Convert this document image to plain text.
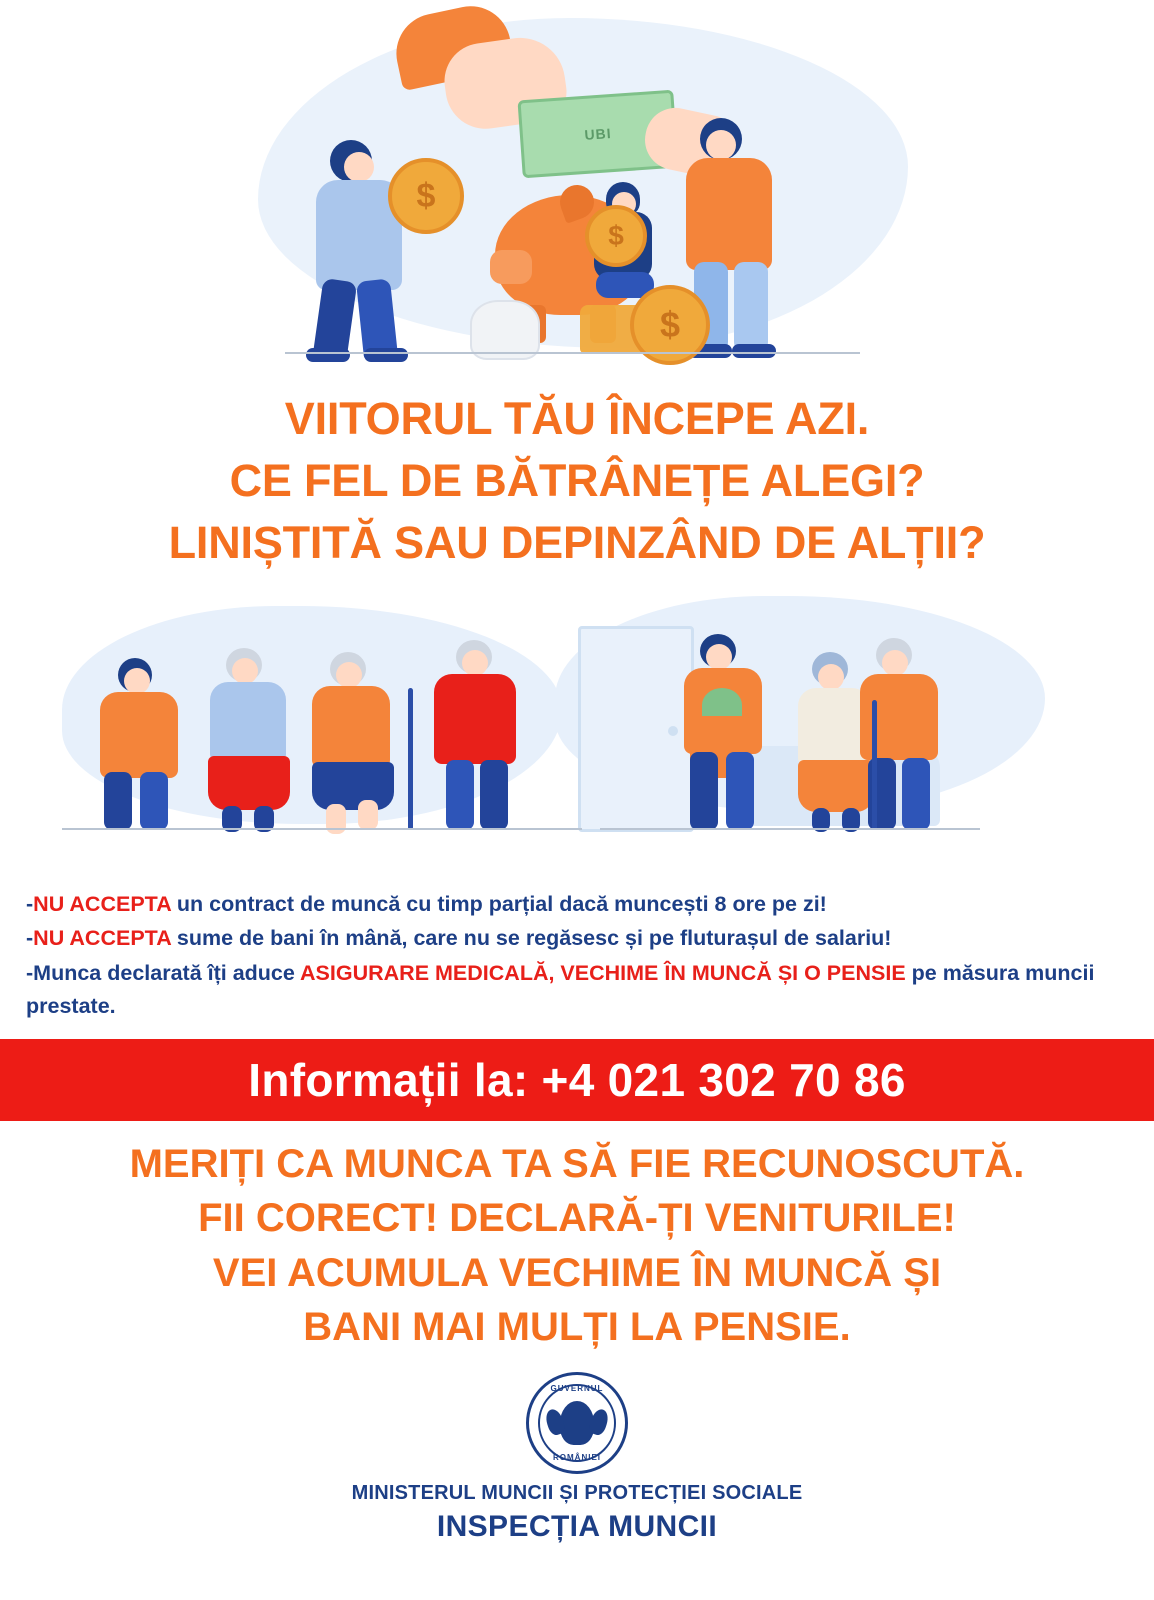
UBI
$
$
$
VIITORUL TĂU ÎNCEPE AZI.
CE FEL DE BĂTRÂNEȚE ALEGI?
LINIȘTITĂ SAU DEPINZÂND DE ALȚII?

-NU ACCEPTA un contract de muncă cu timp parțial dacă muncești 8 ore pe zi!

-NU ACCEPTA sume de bani în mână, care nu se regăsesc și pe fluturașul de salariu!

-Munca declarată îți aduce ASIGURARE MEDICALĂ, VECHIME ÎN MUNCĂ ȘI O PENSIE pe măsura muncii prestate.

Informații la: +4 021 302 70 86
MERIȚI CA MUNCA TA SĂ FIE RECUNOSCUTĂ.
FII CORECT! DECLARĂ-ȚI VENITURILE!
VEI ACUMULA VECHIME ÎN MUNCĂ ȘI
BANI MAI MULȚI LA PENSIE.
GUVERNUL
ROMÂNIEI
MINISTERUL MUNCII ȘI PROTECȚIEI SOCIALE
INSPECȚIA MUNCII
